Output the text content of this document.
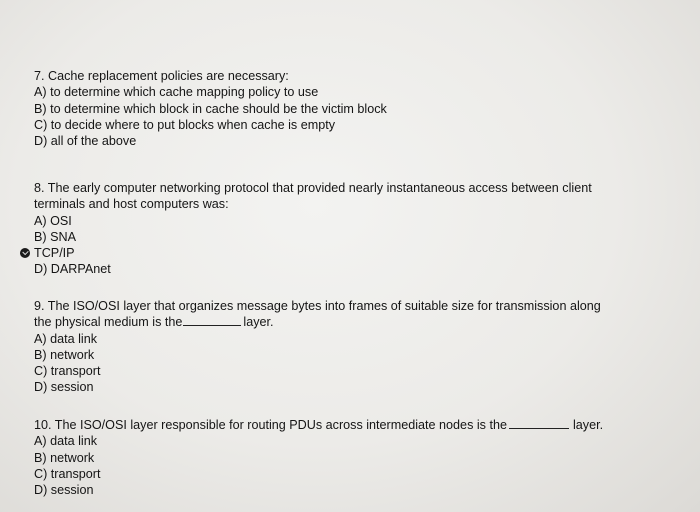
7. Cache replacement policies are necessary:
A) to determine which cache mapping policy to use
B) to determine which block in cache should be the victim block
C) to decide where to put blocks when cache is empty
D) all of the above
8. The early computer networking protocol that provided nearly instantaneous access between client
terminals and host computers was:
A) OSI
B) SNA
TCP/IP
D) DARPAnet
9. The ISO/OSI layer that organizes message bytes into frames of suitable size for transmission along
the physical medium is the	layer.
A) data link
B) network
C) transport
D) session
10. The ISO/OSI layer responsible for routing PDUs across intermediate nodes is the	layer.
A) data link
B) network
C) transport
D) session
